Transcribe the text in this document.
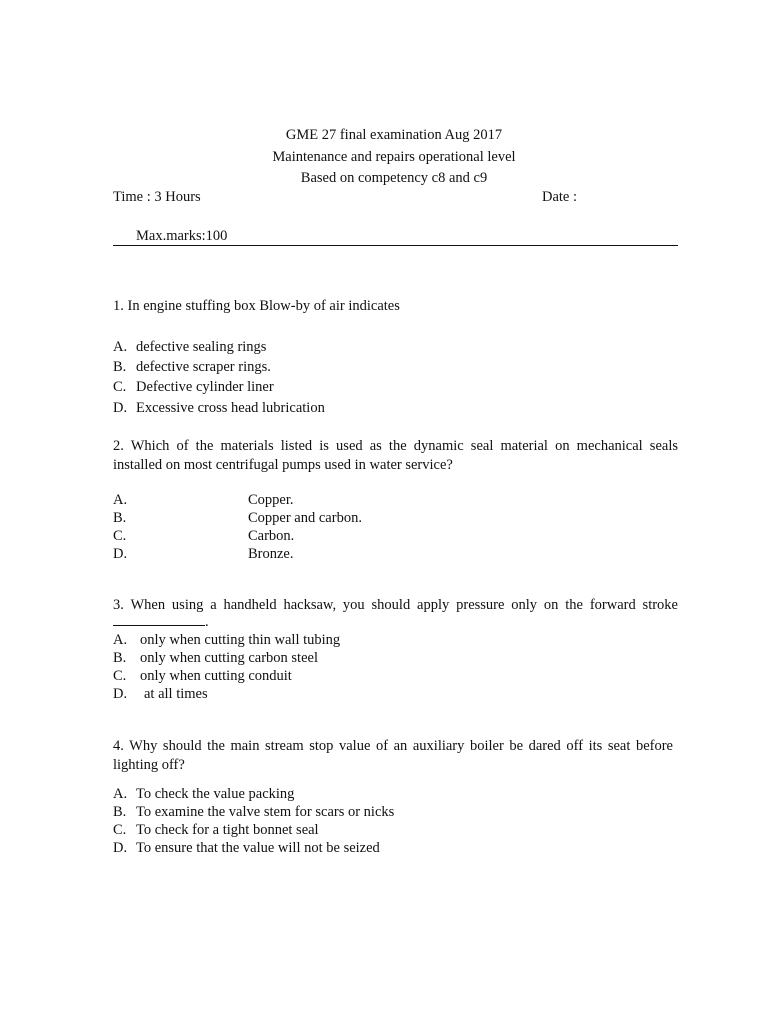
GME 27 final examination Aug 2017
Maintenance and repairs operational level
Based on competency c8 and c9
Time : 3 Hours	Date :
Max.marks:100
1. In engine stuffing box Blow-by of air indicates
A. defective sealing rings
B. defective scraper rings.
C. Defective cylinder liner
D. Excessive cross head lubrication
2. Which of the materials listed is used as the dynamic seal material on mechanical seals installed on most centrifugal pumps used in water service?
A.	Copper.
B.	Copper and carbon.
C.	Carbon.
D.	Bronze.
3. When using a handheld hacksaw, you should apply pressure only on the forward stroke
.
A. only when cutting thin wall tubing
B. only when cutting carbon steel
C. only when cutting conduit
D. at all times
4. Why should the main stream stop value of an auxiliary boiler be dared off its seat before lighting off?
A. To check the value packing
B. To examine the valve stem for scars or nicks
C. To check for a tight bonnet seal
D. To ensure that the value will not be seized
